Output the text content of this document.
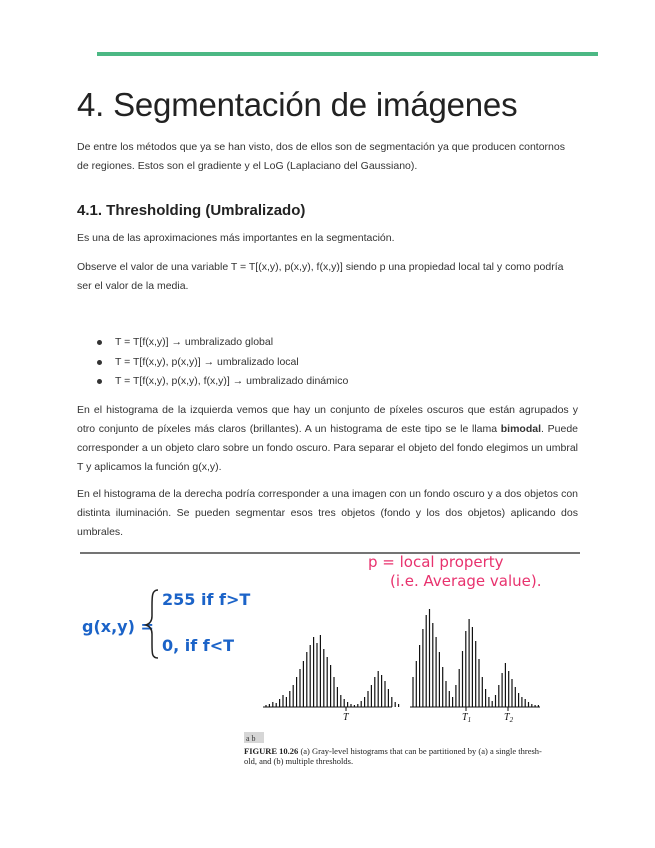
4. Segmentación de imágenes

De entre los métodos que ya se han visto, dos de ellos son de segmentación ya que producen contornos de regiones. Estos son el gradiente y el LoG (Laplaciano del Gaussiano).

4.1. Thresholding (Umbralizado)

Es una de las aproximaciones más importantes en la segmentación.

Observe el valor de una variable T = T[(x,y), p(x,y), f(x,y)] siendo p una propiedad local tal y como podría ser el valor de la media.

T = T[f(x,y)] → umbralizado global
T = T[f(x,y), p(x,y)] → umbralizado local
T = T[f(x,y), p(x,y), f(x,y)] → umbralizado dinámico

En el histograma de la izquierda vemos que hay un conjunto de píxeles oscuros que están agrupados y otro conjunto de píxeles más claros (brillantes). A un histograma de este tipo se le llama bimodal. Puede corresponder a un objeto claro sobre un fondo oscuro. Para separar el objeto del fondo elegimos un umbral T y aplicamos la función g(x,y).

En el histograma de la derecha podría corresponder a una imagen con un fondo oscuro y a dos objetos con distinta iluminación. Se pueden segmentar esos tres objetos (fondo y los dos objetos) aplicando dos umbrales.

p = local property
(i.e. Average value).
g(x,y) =
255 if f>T
0, if f<T
T	$T_1$	$T_2$
a b
FIGURE 10.26 (a) Gray-level histograms that can be partitioned by (a) a single thresh-
old, and (b) multiple thresholds.
